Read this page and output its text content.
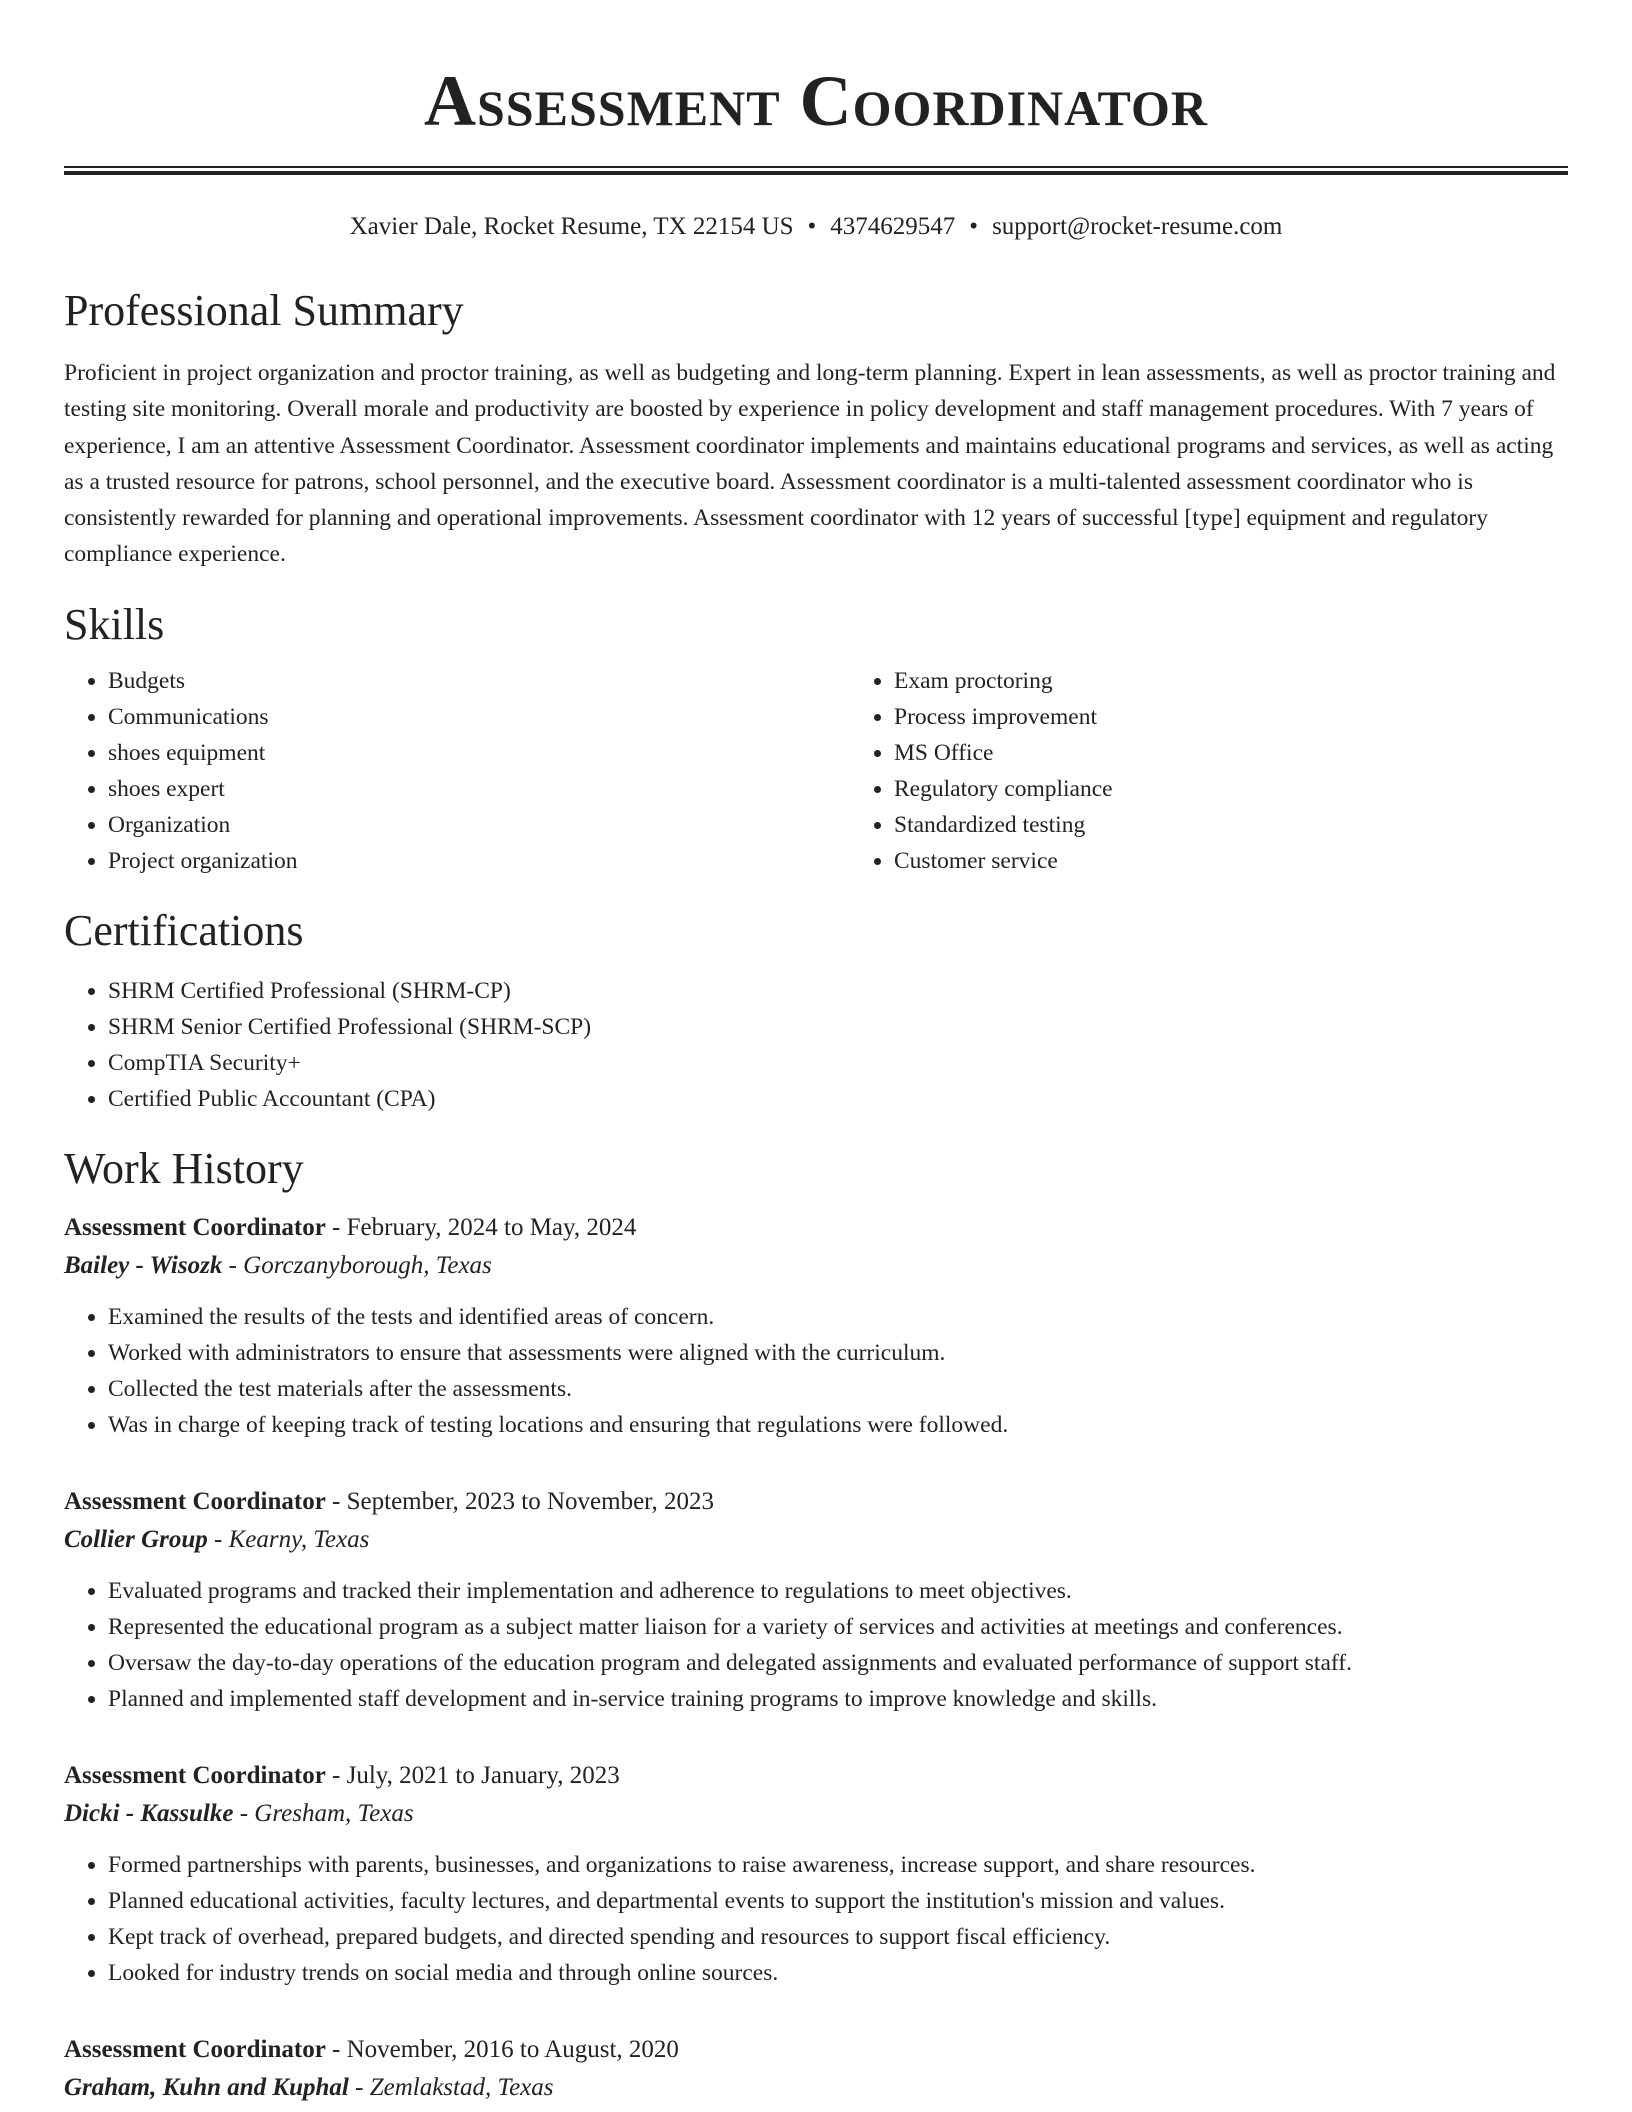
Assessment Coordinator
Xavier Dale, Rocket Resume, TX 22154 US • 4374629547 • support@rocket-resume.com
Professional Summary

Proficient in project organization and proctor training, as well as budgeting and long-term planning. Expert in lean assessments, as well as proctor training and testing site monitoring. Overall morale and productivity are boosted by experience in policy development and staff management procedures. With 7 years of experience, I am an attentive Assessment Coordinator. Assessment coordinator implements and maintains educational programs and services, as well as acting as a trusted resource for patrons, school personnel, and the executive board. Assessment coordinator is a multi-talented assessment coordinator who is consistently rewarded for planning and operational improvements. Assessment coordinator with 12 years of successful [type] equipment and regulatory compliance experience.

Skills
• Budgets
• Communications
• shoes equipment
• shoes expert
• Organization
• Project organization
• Exam proctoring
• Process improvement
• MS Office
• Regulatory compliance
• Standardized testing
• Customer service
Certifications
• SHRM Certified Professional (SHRM-CP)
• SHRM Senior Certified Professional (SHRM-SCP)
• CompTIA Security+
• Certified Public Accountant (CPA)
Work History
Assessment Coordinator - February, 2024 to May, 2024
Bailey - Wisozk - Gorczanyborough, Texas
• Examined the results of the tests and identified areas of concern.
• Worked with administrators to ensure that assessments were aligned with the curriculum.
• Collected the test materials after the assessments.
• Was in charge of keeping track of testing locations and ensuring that regulations were followed.
Assessment Coordinator - September, 2023 to November, 2023
Collier Group - Kearny, Texas
• Evaluated programs and tracked their implementation and adherence to regulations to meet objectives.
• Represented the educational program as a subject matter liaison for a variety of services and activities at meetings and conferences.
• Oversaw the day-to-day operations of the education program and delegated assignments and evaluated performance of support staff.
• Planned and implemented staff development and in-service training programs to improve knowledge and skills.
Assessment Coordinator - July, 2021 to January, 2023
Dicki - Kassulke - Gresham, Texas
• Formed partnerships with parents, businesses, and organizations to raise awareness, increase support, and share resources.
• Planned educational activities, faculty lectures, and departmental events to support the institution's mission and values.
• Kept track of overhead, prepared budgets, and directed spending and resources to support fiscal efficiency.
• Looked for industry trends on social media and through online sources.
Assessment Coordinator - November, 2016 to August, 2020
Graham, Kuhn and Kuphal - Zemlakstad, Texas
